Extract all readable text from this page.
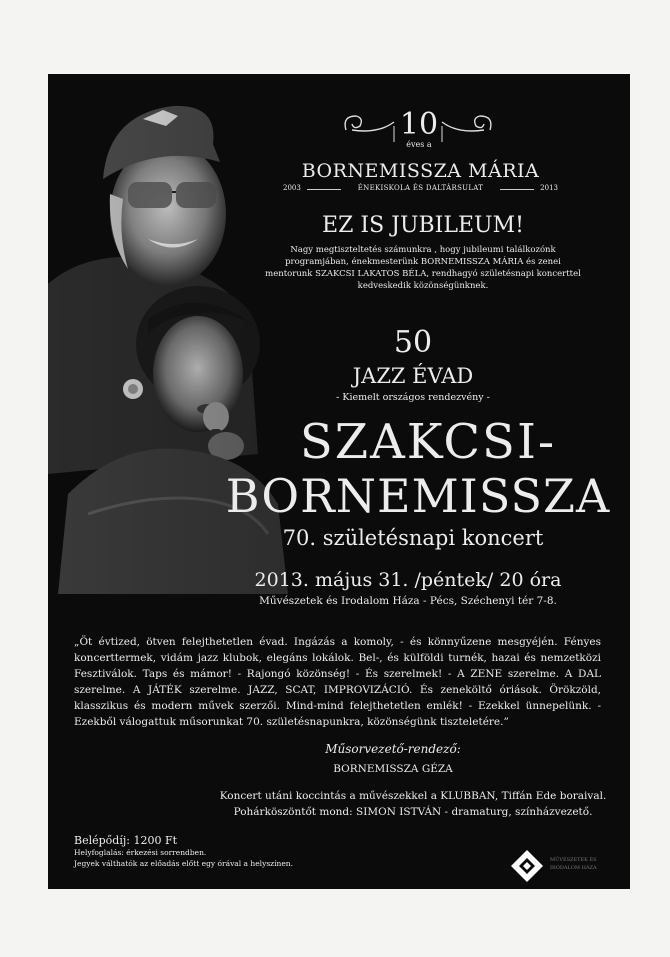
10
éves a
BORNEMISSZA MÁRIA
2003	ÉNEKISKOLA ÉS DALTÁRSULAT	2013
EZ IS JUBILEUM!
Nagy megtiszteltetés számunkra , hogy jubileumi találkozónk programjában, énekmesterünk BORNEMISSZA MÁRIA és zenei mentorunk SZAKCSI LAKATOS BÉLA, rendhagyó születésnapi koncerttel kedveskedik közönségünknek.
50
JAZZ ÉVAD
- Kiemelt országos rendezvény -
SZAKCSI-
BORNEMISSZA
70. születésnapi koncert
2013. május 31. /péntek/ 20 óra
Művészetek és Irodalom Háza - Pécs, Széchenyi tér 7-8.
„Öt évtized, ötven felejthetetlen évad. Ingázás a komoly, - és könnyűzene mesgyéjén. Fényes koncerttermek, vidám jazz klubok, elegáns lokálok. Bel-, és külföldi turnék, hazai és nemzetközi Fesztiválok. Taps és mámor! - Rajongó közönség! - És szerelmek! - A ZENE szerelme. A DAL szerelme. A JÁTÉK szerelme. JAZZ, SCAT, IMPROVIZÁCIÓ. És zeneköltő óriások. Örökzöld, klasszikus és modern művek szerzői. Mind-mind felejthetetlen emlék! - Ezekkel ünnepelünk. - Ezekből válogattuk műsorunkat 70. születésnapunkra, közönségünk tiszteletére.”
Műsorvezető-rendező:
BORNEMISSZA GÉZA
Koncert utáni koccintás a művészekkel a KLUBBAN, Tiffán Ede boraival.
Pohárköszöntőt mond: SIMON ISTVÁN - dramaturg, színházvezető.
Belépődíj: 1200 Ft
Helyfoglalás: érkezési sorrendben.
Jegyek válthatók az előadás előtt egy órával a helyszínen.	MŰVÉSZETEK ÉS IRODALOM HÁZA
